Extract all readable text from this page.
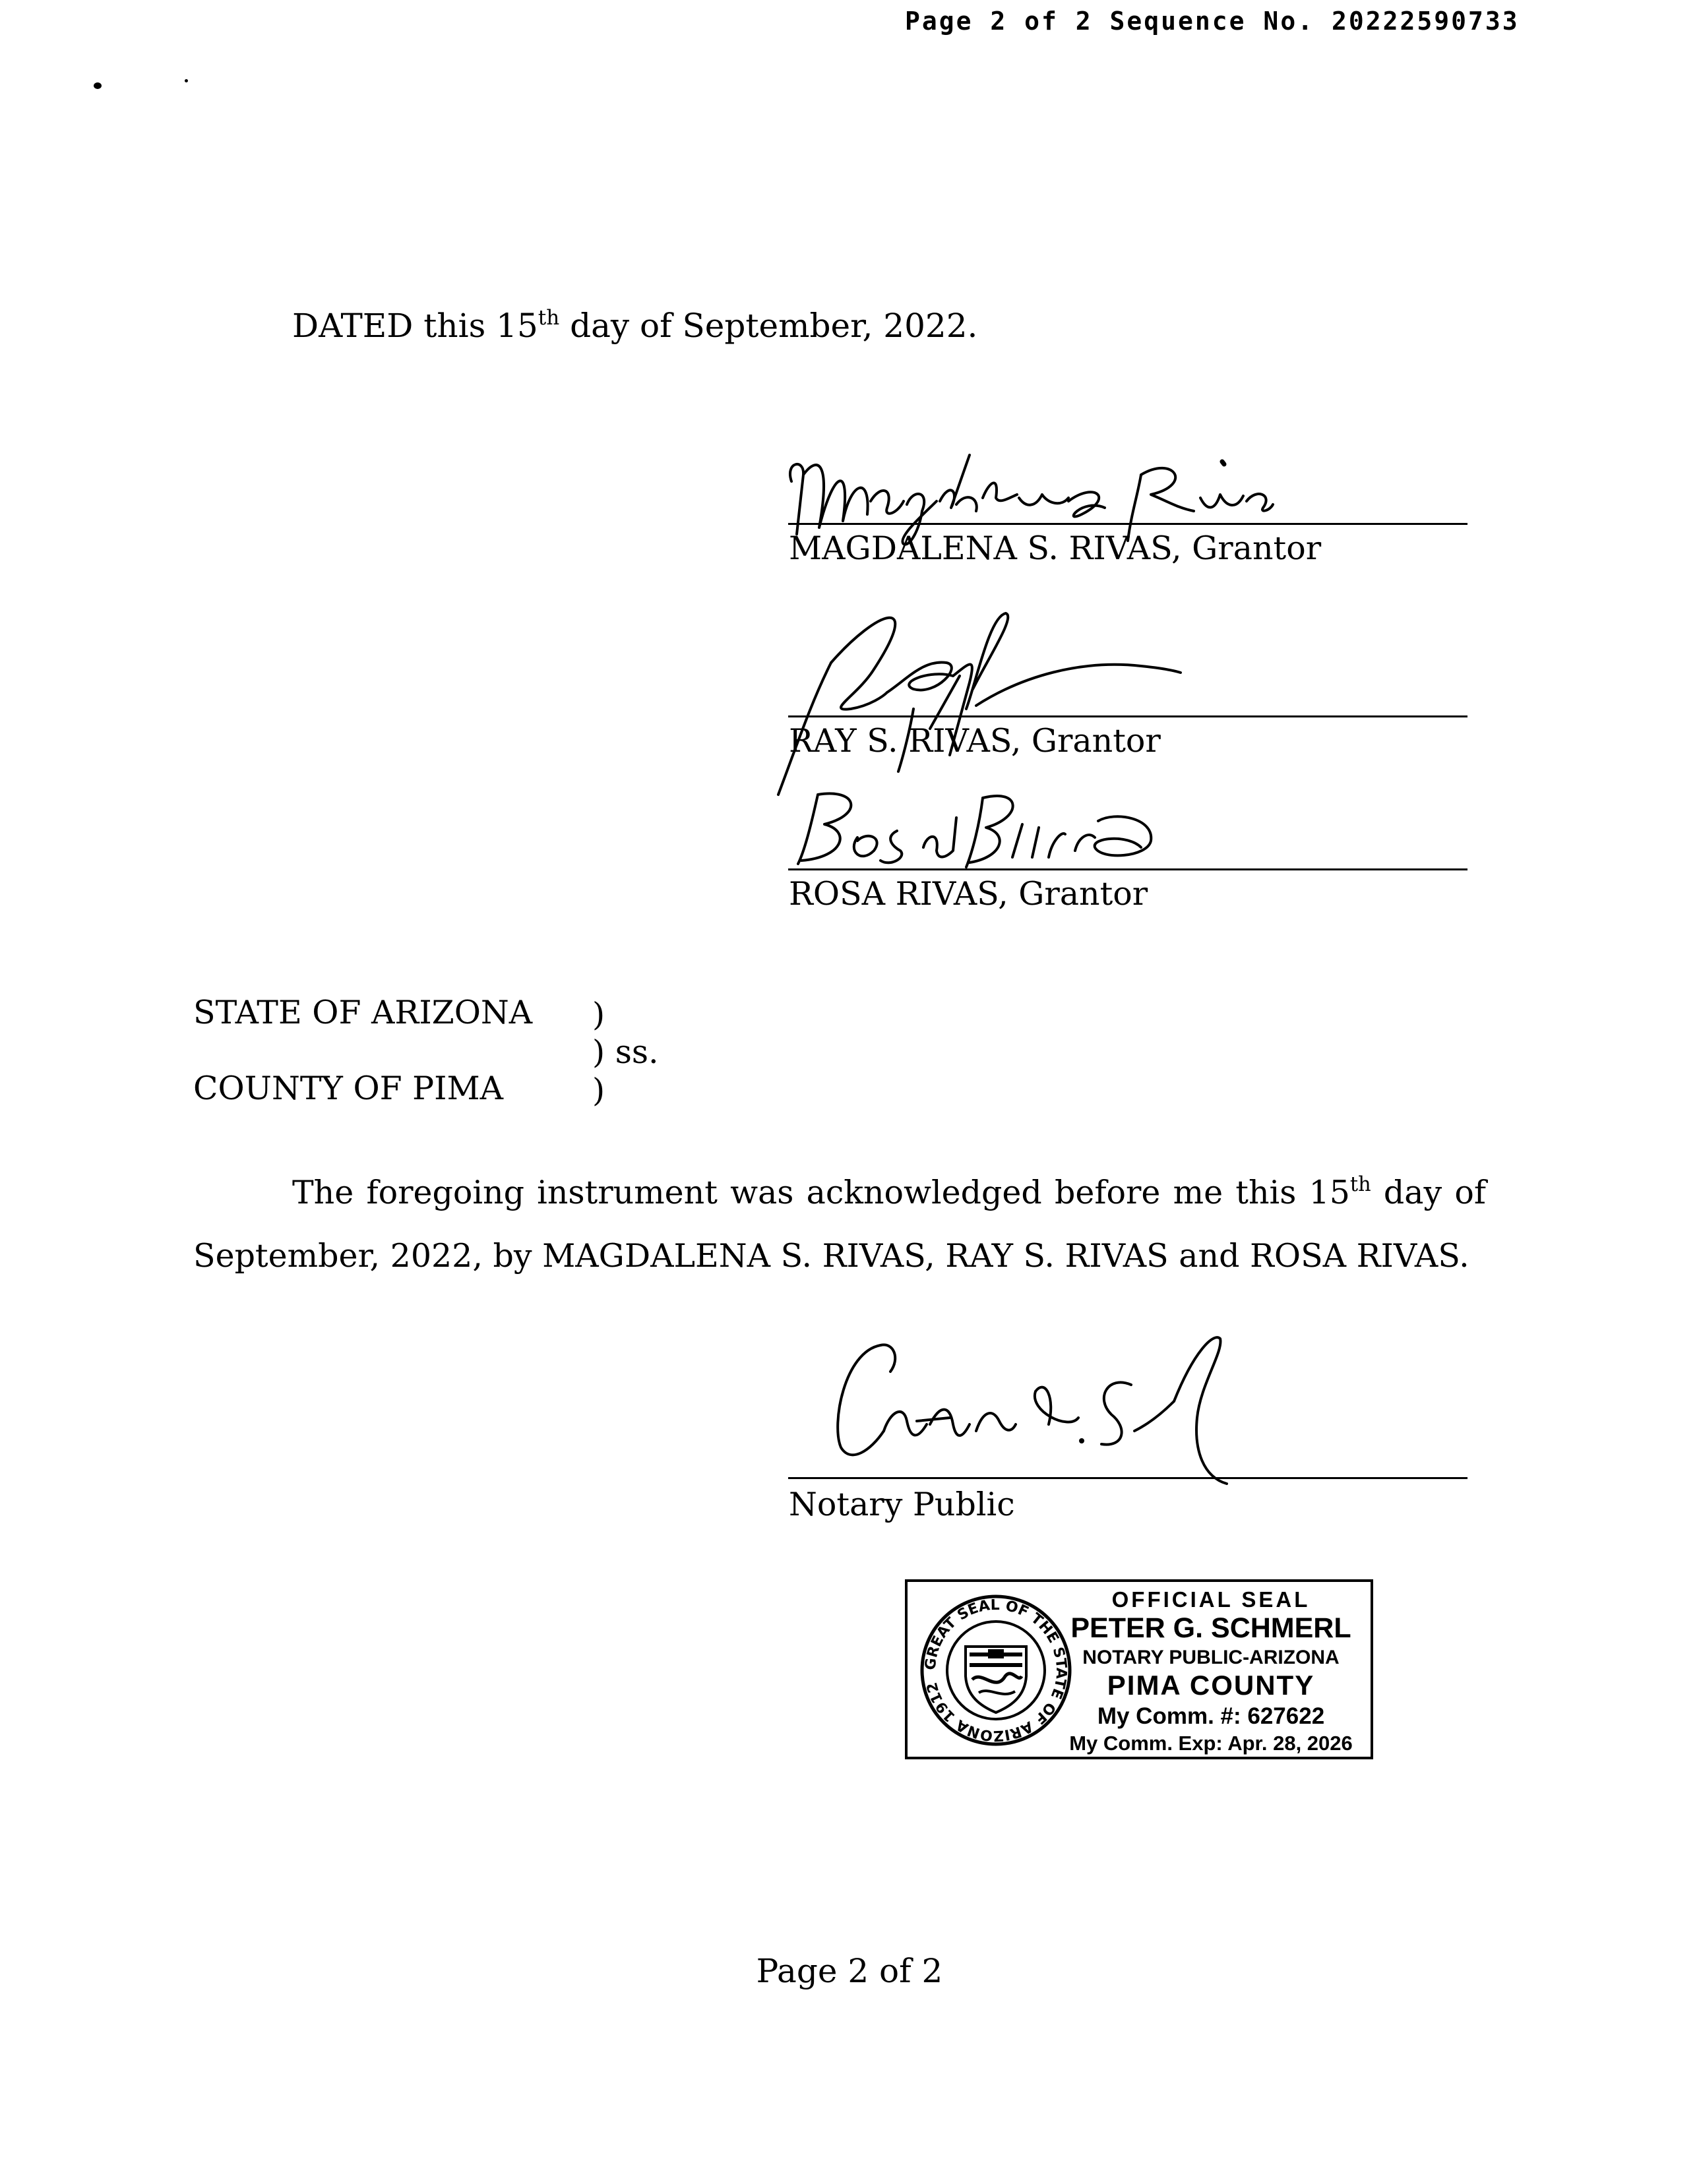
Page 2 of 2 Sequence No. 20222590733
DATED this 15th day of September, 2022.
MAGDALENA S. RIVAS, Grantor
RAY S. RIVAS, Grantor
ROSA RIVAS, Grantor
STATE OF ARIZONA )
) ss.
COUNTY OF PIMA	)
The foregoing instrument was acknowledged before me this 15th day of
September, 2022, by MAGDALENA S. RIVAS, RAY S. RIVAS and ROSA RIVAS.
Notary Public
GREAT SEAL OF THE STATE OF ARIZONA 1912
OFFICIAL SEAL
PETER G. SCHMERL
NOTARY PUBLIC-ARIZONA
PIMA COUNTY
My Comm. #: 627622
My Comm. Exp: Apr. 28, 2026
Page 2 of 2
